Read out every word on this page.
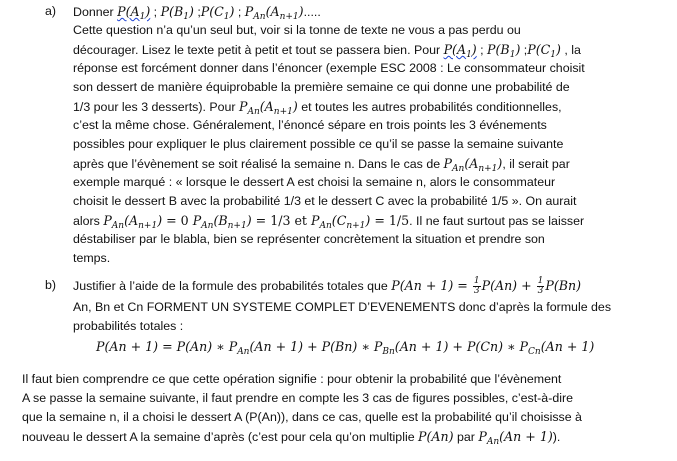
a) Donner $P(A_1)$ ; $P(B_1)$ $;P(C_1)$ ; $P_{An}(A_{n+1})$.....
Cette question n’a qu’un seul but, voir si la tonne de texte ne vous a pas perdu ou
décourager. Lisez le texte petit à petit et tout se passera bien. Pour $P(A_1)$ ; $P(B_1)$ $;P(C_1)$ , la
réponse est forcément donner dans l’énoncer (exemple ESC 2008 : Le consommateur choisit
son dessert de manière équiprobable la première semaine ce qui donne une probabilité de
1/3 pour les 3 desserts). Pour $P_{An}(A_{n+1})$ et toutes les autres probabilités conditionnelles,
c’est la même chose. Généralement, l’énoncé sépare en trois points les 3 événements
possibles pour expliquer le plus clairement possible ce qu’il se passe la semaine suivante
après que l’évènement se soit réalisé la semaine n. Dans le cas de $P_{An}(A_{n+1})$, il serait par
exemple marqué : « lorsque le dessert A est choisi la semaine n, alors le consommateur
choisit le dessert B avec la probabilité 1/3 et le dessert C avec la probabilité 1/5 ». On aurait
alors $P_{An}(A_{n+1}) = 0$ $P_{An}(B_{n+1}) = 1/3$ et $P_{An}(C_{n+1}) = 1/5$. Il ne faut surtout pas se laisser
déstabiliser par le blabla, bien se représenter concrètement la situation et prendre son
temps.
b) Justifier à l’aide de la formule des probabilités totales que $P(An + 1) = \frac{1}{3} P(An) + \frac{1}{3} P(Bn)$
An, Bn et Cn FORMENT UN SYSTEME COMPLET D’EVENEMENTS donc d’après la formule des
probabilités totales :
P(An + 1) = P(An) ∗ $P_{An}(An + 1) + P(Bn)$ ∗ $P_{Bn}(An + 1) + P(Cn)$ ∗ $P_{Cn}(An + 1)$
Il faut bien comprendre ce que cette opération signifie : pour obtenir la probabilité que l’évènement
A se passe la semaine suivante, il faut prendre en compte les 3 cas de figures possibles, c’est-à-dire
que la semaine n, il a choisi le dessert A (P(An)), dans ce cas, quelle est la probabilité qu’il choisisse à
nouveau le dessert A la semaine d’après (c’est pour cela qu’on multiplie P(An) par $P_{An}(An + 1)$).
